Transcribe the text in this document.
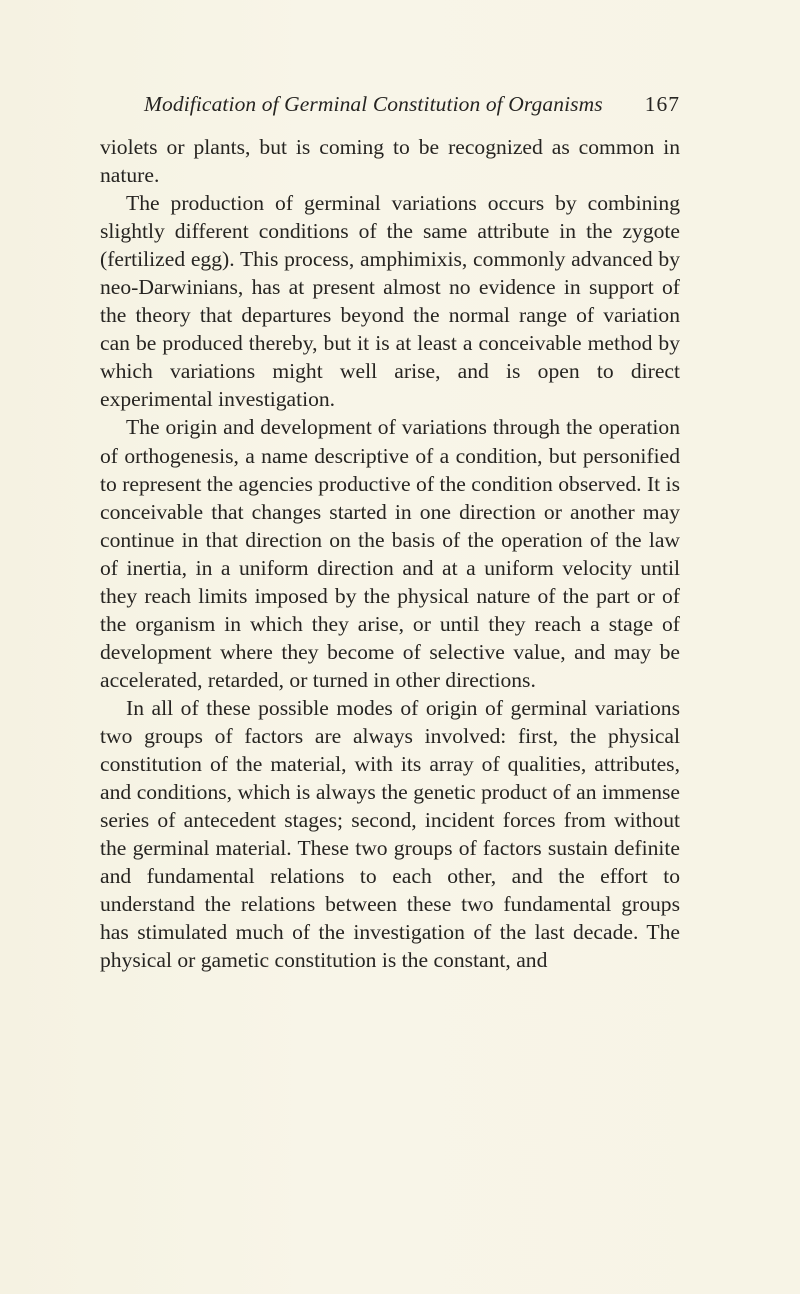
Modification of Germinal Constitution of Organisms 167

violets or plants, but is coming to be recognized as common in nature.

The production of germinal variations occurs by combining slightly different conditions of the same attribute in the zygote (fertilized egg). This process, amphimixis, commonly advanced by neo-Darwinians, has at present almost no evidence in support of the theory that departures beyond the normal range of variation can be produced thereby, but it is at least a conceivable method by which variations might well arise, and is open to direct experimental investigation.

The origin and development of variations through the operation of orthogenesis, a name descriptive of a condition, but personified to represent the agencies productive of the condition observed. It is conceivable that changes started in one direction or another may continue in that direction on the basis of the operation of the law of inertia, in a uniform direction and at a uniform velocity until they reach limits imposed by the physical nature of the part or of the organism in which they arise, or until they reach a stage of development where they become of selective value, and may be accelerated, retarded, or turned in other directions.

In all of these possible modes of origin of germinal variations two groups of factors are always involved: first, the physical constitution of the material, with its array of qualities, attributes, and conditions, which is always the genetic product of an immense series of antecedent stages; second, incident forces from without the germinal material. These two groups of factors sustain definite and fundamental relations to each other, and the effort to understand the relations between these two fundamental groups has stimulated much of the investigation of the last decade. The physical or gametic constitution is the constant, and
